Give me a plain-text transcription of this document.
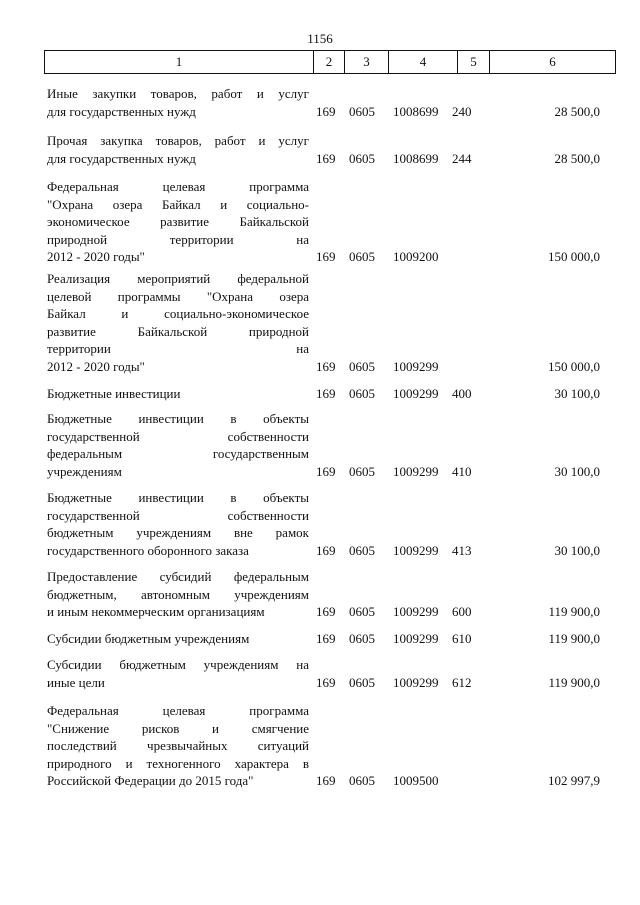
1156
1	2	3	4	5	6
Иные закупки товаров, работ и услуг
для государственных нужд	169 0605 1008699 240	28 500,0
Прочая закупка товаров, работ и услуг
для государственных нужд	169 0605 1008699 244	28 500,0
Федеральная целевая программа
"Охрана озера Байкал и социально-
экономическое развитие Байкальской
природной территории на
2012 - 2020 годы"	169 0605 1009200	150 000,0
Реализация мероприятий федеральной
целевой программы "Охрана озера
Байкал и социально-экономическое
развитие Байкальской природной
территории на
2012 - 2020 годы"	169 0605 1009299	150 000,0
Бюджетные инвестиции	169 0605 1009299 400	30 100,0
Бюджетные инвестиции в объекты
государственной собственности
федеральным государственным
учреждениям	169 0605 1009299 410	30 100,0
Бюджетные инвестиции в объекты
государственной собственности
бюджетным учреждениям вне рамок
государственного оборонного заказа	169 0605 1009299 413	30 100,0
Предоставление субсидий федеральным
бюджетным, автономным учреждениям
и иным некоммерческим организациям	169 0605 1009299 600	119 900,0
Субсидии бюджетным учреждениям	169 0605 1009299 610	119 900,0
Субсидии бюджетным учреждениям на
иные цели	169 0605 1009299 612	119 900,0
Федеральная целевая программа
"Снижение рисков и смягчение
последствий чрезвычайных ситуаций
природного и техногенного характера в
Российской Федерации до 2015 года"	169 0605 1009500	102 997,9
